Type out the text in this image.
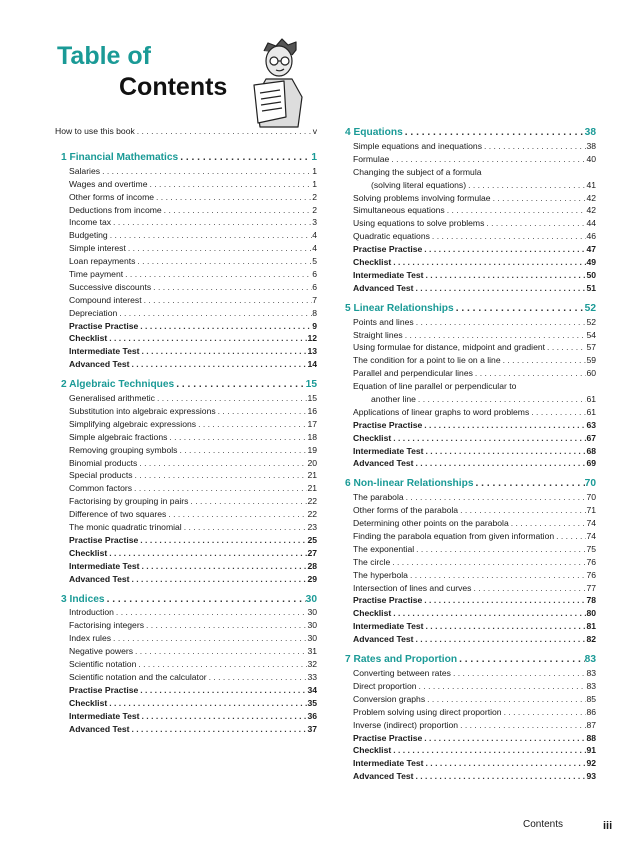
Table of
Contents
How to use this book . . .	v
1 Financial Mathematics . . .	1
Salaries . . .	1
Wages and overtime . . .	1
Other forms of income . . .	2
Deductions from income . . .	2
Income tax . . .	3
Budgeting . . .	4
Simple interest . . .	4
Loan repayments . . .	5
Time payment . . .	6
Successive discounts . . .	6
Compound interest . . .	7
Depreciation . . .	8
Practise Practise . . .	9
Checklist . . .	12
Intermediate Test . . .	13
Advanced Test . . .	14
2 Algebraic Techniques . . .	15
Generalised arithmetic . . .	15
Substitution into algebraic expressions . . .	16
Simplifying algebraic expressions . . .	17
Simple algebraic fractions . . .	18
Removing grouping symbols . . .	19
Binomial products . . .	20
Special products . . .	21
Common factors . . .	21
Factorising by grouping in pairs . . .	22
Difference of two squares . . .	22
The monic quadratic trinomial . . .	23
Practise Practise . . .	25
Checklist . . .	27
Intermediate Test . . .	28
Advanced Test . . .	29
3 Indices . . .	30
Introduction . . .	30
Factorising integers . . .	30
Index rules . . .	30
Negative powers . . .	31
Scientific notation . . .	32
Scientific notation and the calculator . . .	33
Practise Practise . . .	34
Checklist . . .	35
Intermediate Test . . .	36
Advanced Test . . .	37
4 Equations . . .	38
Simple equations and inequations . . .	38
Formulae . . .	40
Changing the subject of a formula
(solving literal equations) . . .	41
Solving problems involving formulae . . .	42
Simultaneous equations . . .	42
Using equations to solve problems . . .	44
Quadratic equations . . .	46
Practise Practise . . .	47
Checklist . . .	49
Intermediate Test . . .	50
Advanced Test . . .	51
5 Linear Relationships . . .	52
Points and lines . . .	52
Straight lines . . .	54
Using formulae for distance, midpoint and gradient . . .	57
The condition for a point to lie on a line . . .	59
Parallel and perpendicular lines . . .	60
Equation of line parallel or perpendicular to
another line . . .	61
Applications of linear graphs to word problems . . .	61
Practise Practise . . .	63
Checklist . . .	67
Intermediate Test . . .	68
Advanced Test . . .	69
6 Non-linear Relationships . . .	70
The parabola . . .	70
Other forms of the parabola . . .	71
Determining other points on the parabola . . .	74
Finding the parabola equation from given information . . .	74
The exponential . . .	75
The circle . . .	76
The hyperbola . . .	76
Intersection of lines and curves . . .	77
Practise Practise . . .	78
Checklist . . .	80
Intermediate Test . . .	81
Advanced Test . . .	82
7 Rates and Proportion . . .	83
Converting between rates . . .	83
Direct proportion . . .	83
Conversion graphs . . .	85
Problem solving using direct proportion . . .	86
Inverse (indirect) proportion . . .	87
Practise Practise . . .	88
Checklist . . .	91
Intermediate Test . . .	92
Advanced Test . . .	93
Contents	iii
